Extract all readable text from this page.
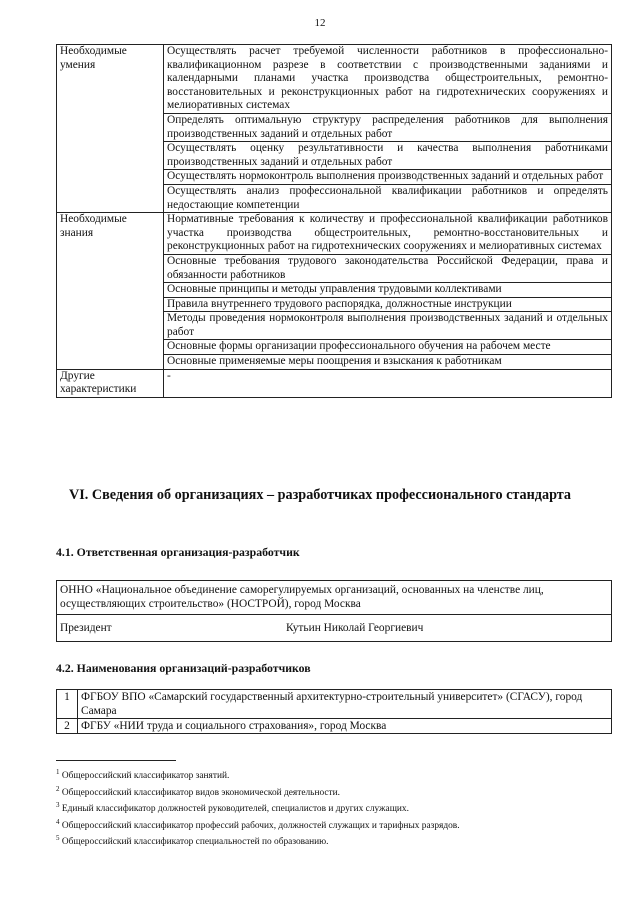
12
Необходимые умения	Осуществлять расчет требуемой численности работников в профессионально-квалификационном разрезе в соответствии с производственными заданиями и календарными планами участка производства общестроительных, ремонтно-восстановительных и реконструкционных работ на гидротехнических сооружениях и мелиоративных системах
	Определять оптимальную структуру распределения работников для выполнения производственных заданий и отдельных работ
	Осуществлять оценку результативности и качества выполнения работниками производственных заданий и отдельных работ
	Осуществлять нормоконтроль выполнения производственных заданий и отдельных работ
	Осуществлять анализ профессиональной квалификации работников и определять недостающие компетенции
Необходимые знания	Нормативные требования к количеству и профессиональной квалификации работников участка производства общестроительных, ремонтно-восстановительных и реконструкционных работ на гидротехнических сооружениях и мелиоративных системах
	Основные требования трудового законодательства Российской Федерации, права и обязанности работников
	Основные принципы и методы управления трудовыми коллективами
	Правила внутреннего трудового распорядка, должностные инструкции
	Методы проведения нормоконтроля выполнения производственных заданий и отдельных работ
	Основные формы организации профессионального обучения на рабочем месте
	Основные применяемые меры поощрения и взыскания к работникам
Другие характеристики	-
VI. Сведения об организациях – разработчиках профессионального стандарта
4.1. Ответственная организация-разработчик
ОННО «Национальное объединение саморегулируемых организаций, основанных на членстве лиц, осуществляющих строительство» (НОСТРОЙ), город Москва
Президент	Кутьин Николай Георгиевич
4.2. Наименования организаций-разработчиков
1	ФГБОУ ВПО «Самарский государственный архитектурно-строительный университет» (СГАСУ), город Самара
2	ФГБУ «НИИ труда и социального страхования», город Москва
$^1$ Общероссийский классификатор занятий.
$^2$ Общероссийский классификатор видов экономической деятельности.
$^3$ Единый классификатор должностей руководителей, специалистов и других служащих.
$^4$ Общероссийский классификатор профессий рабочих, должностей служащих и тарифных разрядов.
$^5$ Общероссийский классификатор специальностей по образованию.
